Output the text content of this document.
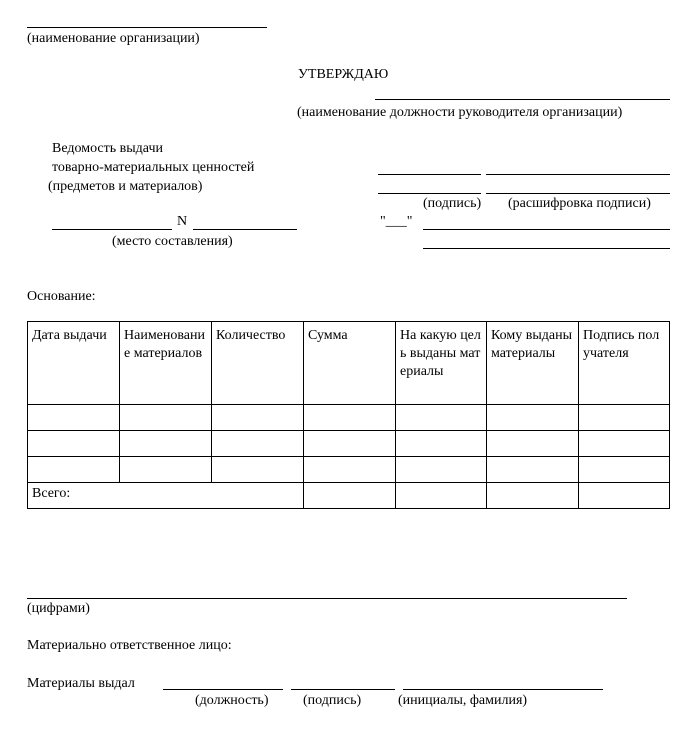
(наименование организации)
УТВЕРЖДАЮ
(наименование должности руководителя организации)
Ведомость выдачи
товарно-материальных ценностей
(предметов и материалов)
(подпись) (расшифровка подписи)
N
(место составления)
"___"
Основание:
Дата выдачи	Наименование материалов	Количество	Сумма	На какую цель выданы материалы	Кому выданы материалы	Подпись получателя

Всего:						

(цифрами)
Материально ответственное лицо:
Материалы выдал
(должность) (подпись)	(инициалы, фамилия)
